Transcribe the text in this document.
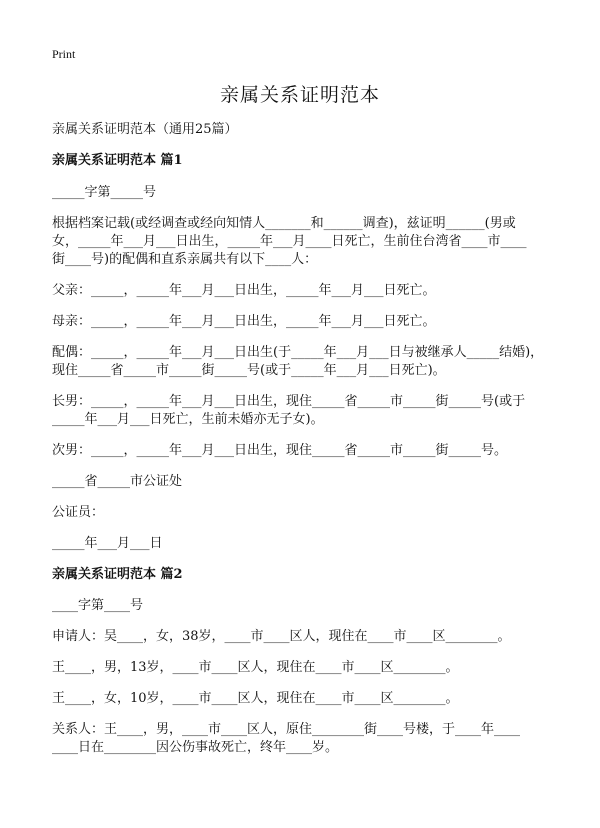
Print
亲属关系证明范本
亲属关系证明范本（通用25篇）
亲属关系证明范本 篇1
_____字第_____号
根据档案记载(或经调查或经向知情人_______和______调查)，兹证明______(男或
女，_____年___月___日出生，_____年___月____日死亡，生前住台湾省____市____
街____号)的配偶和直系亲属共有以下____人：
父亲：_____，_____年___月___日出生，_____年___月___日死亡。
母亲：_____，_____年___月___日出生，_____年___月___日死亡。
配偶：_____，_____年___月___日出生(于_____年___月___日与被继承人_____结婚)，
现住_____省_____市_____街_____号(或于_____年___月___日死亡)。
长男：_____，_____年___月___日出生，现住_____省_____市_____街_____号(或于
_____年___月___日死亡，生前未婚亦无子女)。
次男：_____，_____年___月___日出生，现住_____省_____市_____街_____号。
_____省_____市公证处
公证员：
_____年___月___日
亲属关系证明范本 篇2
____字第____号
申请人：吴____，女，38岁，____市____区人，现住在____市____区________。
王____，男，13岁，____市____区人，现住在____市____区________。
王____，女，10岁，____市____区人，现住在____市____区________。
关系人：王____，男，____市____区人，原住________街____号楼，于____年____
____日在________因公伤事故死亡，终年____岁。
